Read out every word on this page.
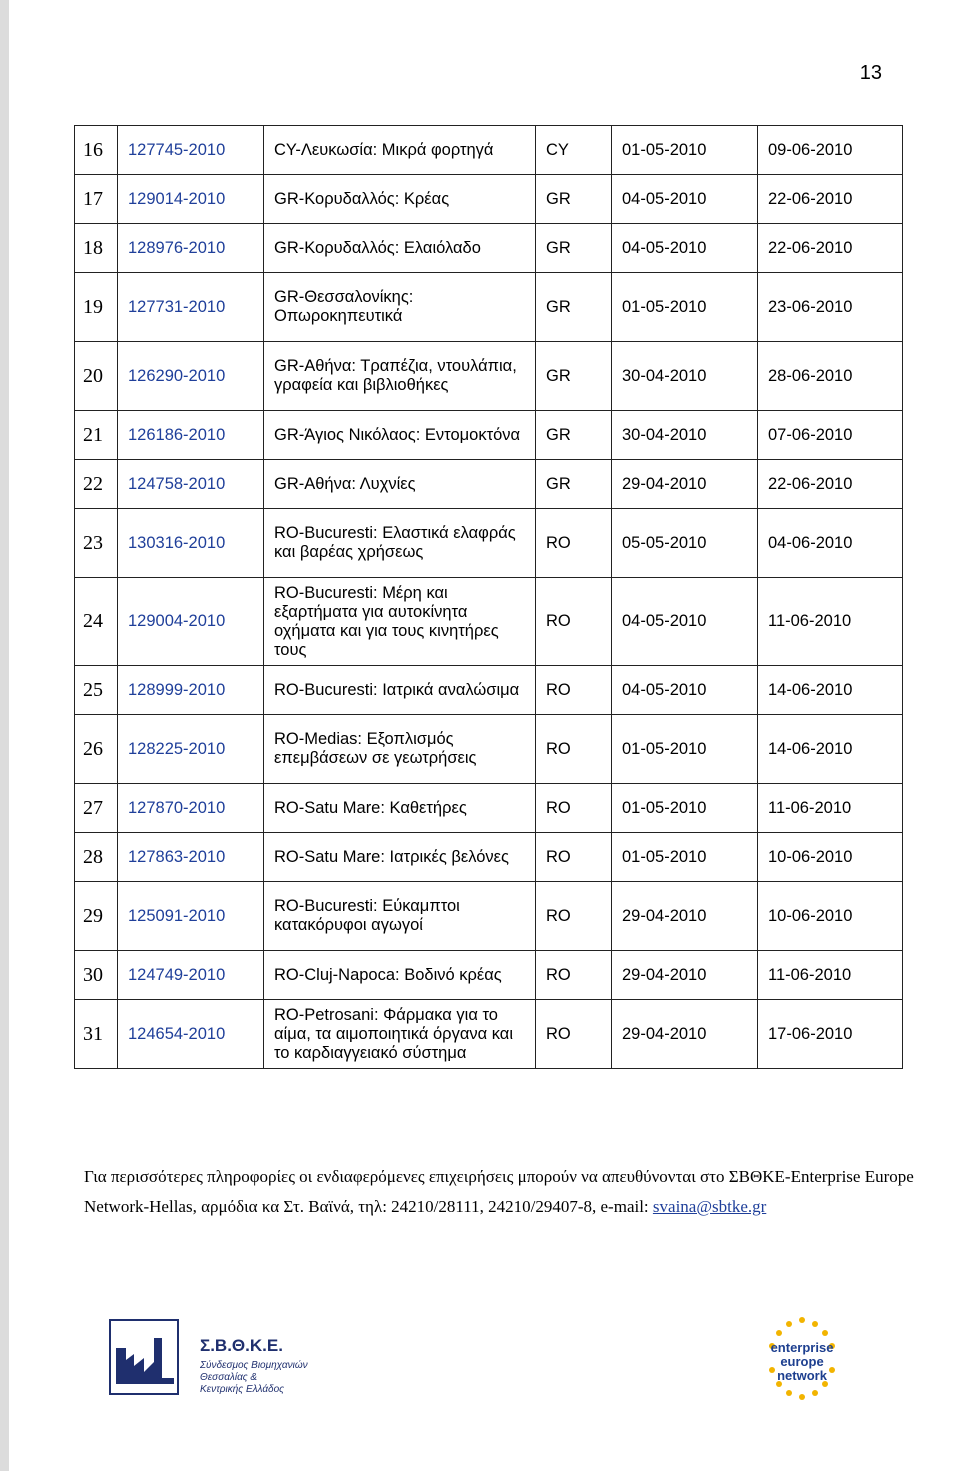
13
16	127745-2010	CY-Λευκωσία: Μικρά φορτηγά	CY	01-05-2010	09-06-2010
17	129014-2010	GR-Κορυδαλλός: Κρέας	GR	04-05-2010	22-06-2010
18	128976-2010	GR-Κορυδαλλός: Ελαιόλαδο	GR	04-05-2010	22-06-2010
19	127731-2010	GR-Θεσσαλονίκης: Οπωροκηπευτικά	GR	01-05-2010	23-06-2010
20	126290-2010	GR-Αθήνα: Τραπέζια, ντουλάπια, γραφεία και βιβλιοθήκες	GR	30-04-2010	28-06-2010
21	126186-2010	GR-Άγιος Νικόλαος: Εντομοκτόνα	GR	30-04-2010	07-06-2010
22	124758-2010	GR-Αθήνα: Λυχνίες	GR	29-04-2010	22-06-2010
23	130316-2010	RO-Bucuresti: Ελαστικά ελαφράς και βαρέας χρήσεως	RO	05-05-2010	04-06-2010
24	129004-2010	RO-Bucuresti: Μέρη και εξαρτήματα για αυτοκίνητα οχήματα και για τους κινητήρες τους	RO	04-05-2010	11-06-2010
25	128999-2010	RO-Bucuresti: Ιατρικά αναλώσιμα	RO	04-05-2010	14-06-2010
26	128225-2010	RO-Medias: Εξοπλισμός επεμβάσεων σε γεωτρήσεις	RO	01-05-2010	14-06-2010
27	127870-2010	RO-Satu Mare: Καθετήρες	RO	01-05-2010	11-06-2010
28	127863-2010	RO-Satu Mare: Ιατρικές βελόνες	RO	01-05-2010	10-06-2010
29	125091-2010	RO-Bucuresti: Εύκαμπτοι κατακόρυφοι αγωγοί	RO	29-04-2010	10-06-2010
30	124749-2010	RO-Cluj-Napoca: Βοδινό κρέας	RO	29-04-2010	11-06-2010
31	124654-2010	RO-Petrosani: Φάρμακα για το αίμα, τα αιμοποιητικά όργανα και το καρδιαγγειακό σύστημα	RO	29-04-2010	17-06-2010
Για περισσότερες πληροφορίες οι ενδιαφερόμενες επιχειρήσεις μπορούν να απευθύνονται στο ΣΒΘΚΕ-Enterprise Europe Network-Hellas, αρμόδια κα Στ. Βαϊνά, τηλ: 24210/28111, 24210/29407-8, e-mail: svaina@sbtke.gr
Σ.Β.Θ.Κ.Ε.
Σύνδεσμος Βιομηχανιών
Θεσσαλίας &
Κεντρικής Ελλάδος
enterprise
europe
network
